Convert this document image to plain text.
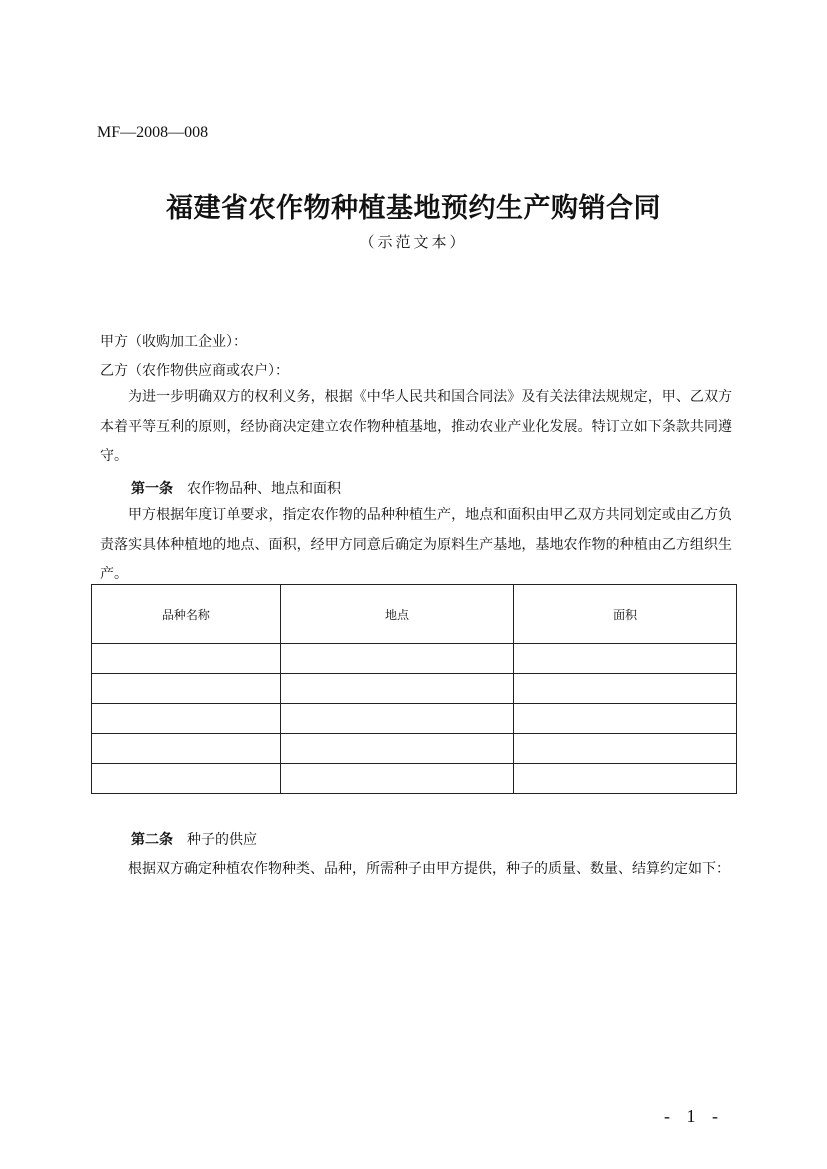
MF—2008—008
福建省农作物种植基地预约生产购销合同
（示范文本）
甲方（收购加工企业）：
乙方（农作物供应商或农户）：
为进一步明确双方的权利义务，根据《中华人民共和国合同法》及有关法律法规规定，甲、乙双方本着平等互利的原则，经协商决定建立农作物种植基地，推动农业产业化发展。特订立如下条款共同遵守。
第一条 农作物品种、地点和面积
甲方根据年度订单要求，指定农作物的品种种植生产，地点和面积由甲乙双方共同划定或由乙方负责落实具体种植地的地点、面积，经甲方同意后确定为原料生产基地，基地农作物的种植由乙方组织生产。
品种名称	地点	面积

第二条 种子的供应
根据双方确定种植农作物种类、品种，所需种子由甲方提供，种子的质量、数量、结算约定如下：
- 1 -
